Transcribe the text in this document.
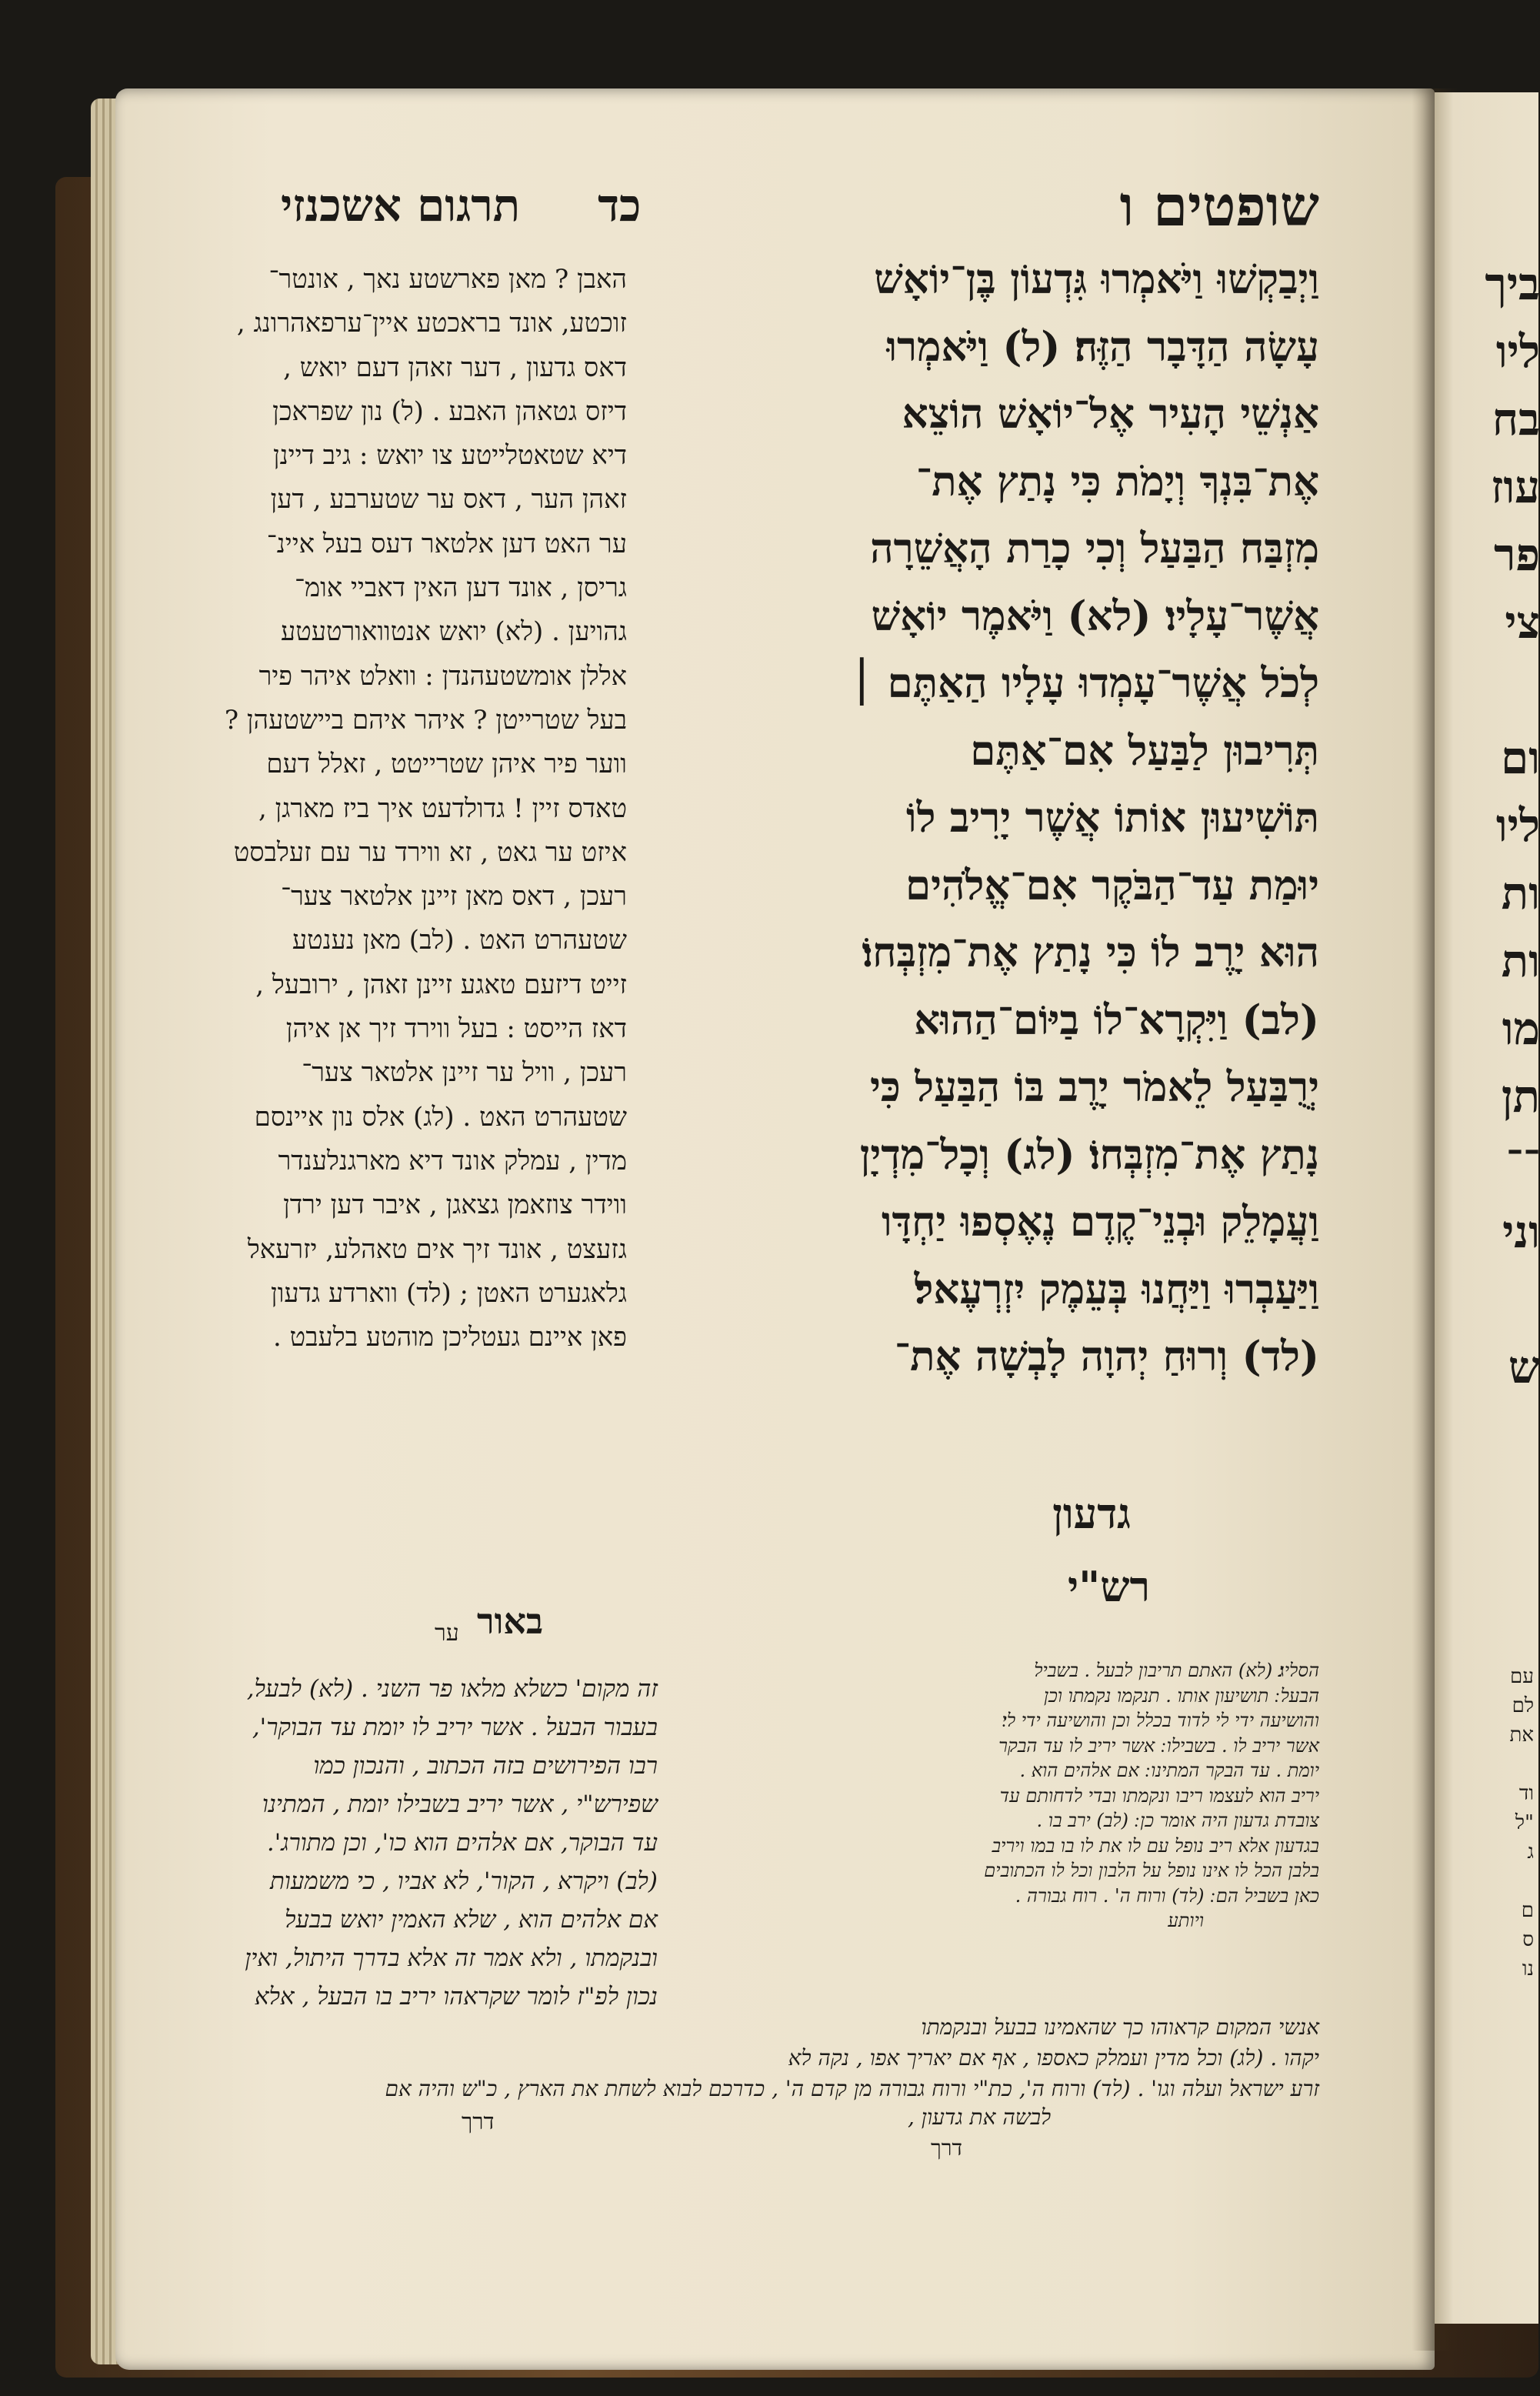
שופטים ו
כד     תרגום אשכנזי
וַיְבַקְשׁוּ וַיֹּאמְרוּ גִּדְעוֹן בֶּן־יוֹאָשׁ
עָשָׂה הַדָּבָר הַזֶּה׃ (ל) וַיֹּאמְרוּ
אַנְשֵׁי הָעִיר אֶל־יוֹאָשׁ הוֹצֵא
אֶת־בִּנְךָ וְיָמֹת כִּי נָתַץ אֶת־
מִזְבַּח הַבַּעַל וְכִי כָרַת הָאֲשֵׁרָה
אֲשֶׁר־עָלָיו׃ (לא) וַיֹּאמֶר יוֹאָשׁ
לְכֹל אֲשֶׁר־עָמְדוּ עָלָיו הַאַתֶּם ׀
תְּרִיבוּן לַבַּעַל אִם־אַתֶּם
תּוֹשִׁיעוּן אוֹתוֹ אֲשֶׁר יָרִיב לוֹ
יוּמַת עַד־הַבֹּקֶר אִם־אֱלֹהִים
הוּא יָרֶב לוֹ כִּי נָתַץ אֶת־מִזְבְּחוֹ׃
(לב) וַיִּקְרָא־לוֹ בַיּוֹם־הַהוּא
יְרֻבַּעַל לֵאמֹר יָרֶב בּוֹ הַבַּעַל כִּי
נָתַץ אֶת־מִזְבְּחוֹ׃ (לג) וְכָל־מִדְיָן
וַעֲמָלֵק וּבְנֵי־קֶדֶם נֶאֶסְפוּ יַחְדָּו
וַיַּעַבְרוּ וַיַּחֲנוּ בְּעֵמֶק יִזְרְעֶאל׃
(לד) וְרוּחַ יְהוָה לָבְשָׁה אֶת־
גדעון
רש"י
הסליג׃ (לא) האתם תריבון לבעל . בשביל
הבעל ׃ תושיעון אותו . תנקמו נקמתו וכן
והושיעה ידי לי לדוד בכלל וכן והושיעה ידי לי׃
אשר יריב לו . בשבילו ׃ אשר יריב לו עד הבקר
יומת . עד הבקר המתינו ׃ אם אלהים הוא .
יריב הוא לעצמו ריבו ונקמתו ובדי לדחותם עד
צובדת גדעון היה אומר כן ׃ (לב) ירב בו .
בגדעון אלא ריב נופל עם לו את לו בו במו ויריב
בלבן הכל לו אינו נופל על הלבון וכל לו הכתובים
כאן בשביל הם ׃ (לד) ורוח ה' . רוח גבורה .
ויותע
אנשי המקום קראוהו כך שהאמינו בבעל ובנקמתו
יקהו . (לג) וכל מדין ועמלק כאספו , אף אם יאריך אפו , נקה לא
זרע ישראל ועלה וגו' . (לד) ורוח ה', כת"י ורוח גבורה מן קדם ה' , כדרכם לבוא לשחת את הארץ , כ"ש והיה אם
האבן ? מאן פארשטע נאך , אונטר־
זוכטע, אונד בראכטע איין־ערפאהרונג ,
דאס גדעון , דער זאהן דעם יואש ,
דיזס גטאהן האבע . (ל) נון שפראכן
דיא שטאטלייטע צו יואש : גיב דיינן
זאהן הער , דאס ער שטערבע , דען
ער האט דען אלטאר דעס בעל איינ־
גריסן , אונד דען האין דאביי אומ־
גהויען . (לא) יואש אנטוואורטעטע
אללן אומשטעהנדן : וואלט איהר פיר
בעל שטרייטן ? איהר איהם ביישטעהן ?
ווער פיר איהן שטרייטט , זאלל דעם
טאדס זיין ! גדולדעט איך ביז מארגן ,
איזט ער גאט , זא ווירד ער עם זעלבסט
רעכן , דאס מאן זיינן אלטאר צער־
שטעהרט האט . (לב) מאן נענטע
זייט דיזעם טאגע זיינן זאהן , ירובעל ,
דאז הייסט : בעל ווירד זיך אן איהן
רעכן , וויל ער זיינן אלטאר צער־
שטעהרט האט . (לג) אלס נון איינסם
מדין , עמלק אונד דיא מארגנלענדר
ווידר צוזאמן גצאגן , איבר דען ירדן
גזעצט , אונד זיך אים טאהלע, יזרעאל
גלאגערט האטן ; (לד) ווארדע גדעון
פאן איינם געטליכן מוהטע בלעבט .
ער באור
זה מקום' כשלא מלאו פר השני . (לא) לבעל,
בעבור הבעל . אשר יריב לו יומת עד הבוקר',
רבו הפירושים בזה הכתוב , והנכון כמו
שפירש"י , אשר יריב בשבילו יומת , המתינו
עד הבוקר, אם אלהים הוא כו', וכן מתורג'.
(לב) ויקרא , הקור', לא אביו , כי משמעות
אם אלהים הוא , שלא האמין יואש בבעל
ובנקמתו , ולא אמר זה אלא בדרך היתול, ואין
נכון לפ"ז לומר שקראהו יריב בו הבעל , אלא
לבשה את גדעון ,
דרך
דרך
ביך
ליו
בח
עוז
פר
צי
ום
ליו
ות
ות
מו
תן
־־
וני
ש
עם
לם
את
וד
"ל
ג
ם
ס
נו
